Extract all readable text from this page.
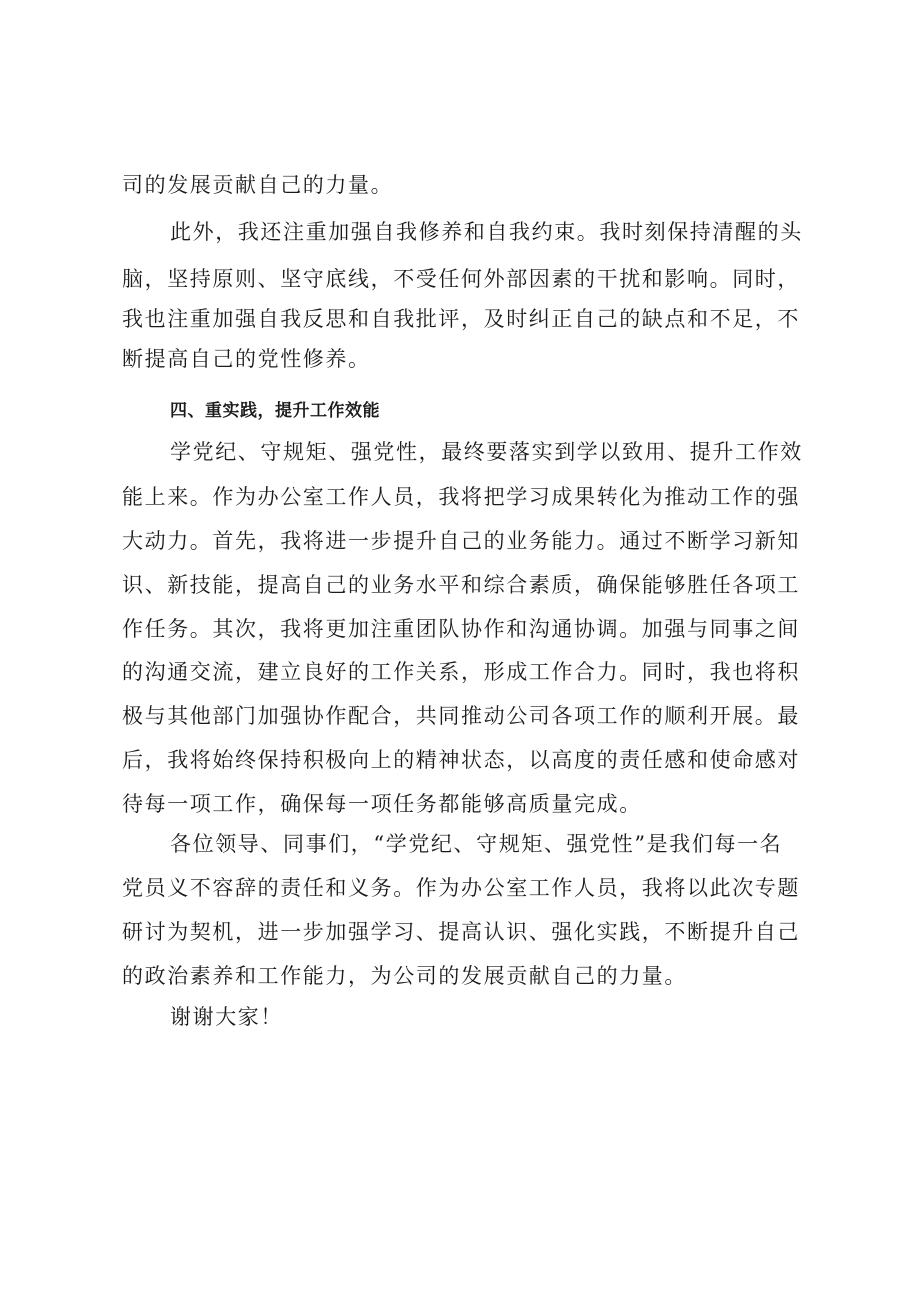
司的发展贡献自己的力量。
此外，我还注重加强自我修养和自我约束。我时刻保持清醒的头
脑，坚持原则、坚守底线，不受任何外部因素的干扰和影响。同时，
我也注重加强自我反思和自我批评，及时纠正自己的缺点和不足，不
断提高自己的党性修养。
四、重实践，提升工作效能
学党纪、守规矩、强党性，最终要落实到学以致用、提升工作效
能上来。作为办公室工作人员，我将把学习成果转化为推动工作的强
大动力。首先，我将进一步提升自己的业务能力。通过不断学习新知
识、新技能，提高自己的业务水平和综合素质，确保能够胜任各项工
作任务。其次，我将更加注重团队协作和沟通协调。加强与同事之间
的沟通交流，建立良好的工作关系，形成工作合力。同时，我也将积
极与其他部门加强协作配合，共同推动公司各项工作的顺利开展。最
后，我将始终保持积极向上的精神状态，以高度的责任感和使命感对
待每一项工作，确保每一项任务都能够高质量完成。
各位领导、同事们，“学党纪、守规矩、强党性”是我们每一名
党员义不容辞的责任和义务。作为办公室工作人员，我将以此次专题
研讨为契机，进一步加强学习、提高认识、强化实践，不断提升自己
的政治素养和工作能力，为公司的发展贡献自己的力量。
谢谢大家！
